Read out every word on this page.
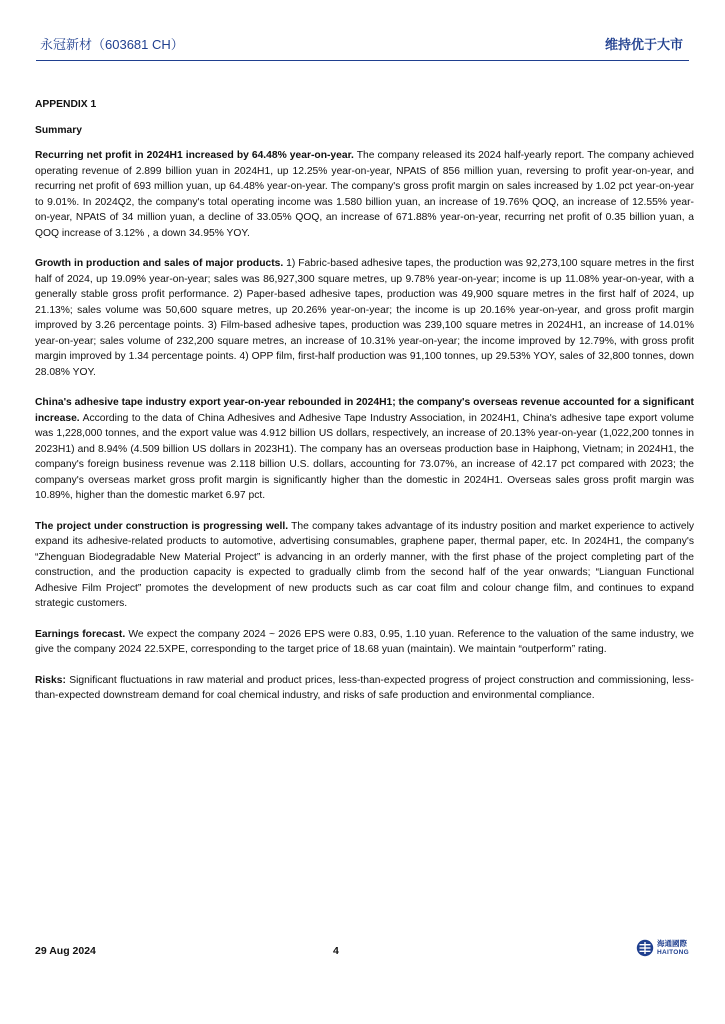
永冠新材（603681 CH）	维持优于大市
APPENDIX 1
Summary

Recurring net profit in 2024H1 increased by 64.48% year-on-year. The company released its 2024 half-yearly report. The company achieved operating revenue of 2.899 billion yuan in 2024H1, up 12.25% year-on-year, NPAtS of 856 million yuan, reversing to profit year-on-year, and recurring net profit of 693 million yuan, up 64.48% year-on-year. The company's gross profit margin on sales increased by 1.02 pct year-on-year to 9.01%. In 2024Q2, the company's total operating income was 1.580 billion yuan, an increase of 19.76% QOQ, an increase of 12.55% year-on-year, NPAtS of 34 million yuan, a decline of 33.05% QOQ, an increase of 671.88% year-on-year, recurring net profit of 0.35 billion yuan, a QOQ increase of 3.12% , a down 34.95% YOY.

Growth in production and sales of major products. 1) Fabric-based adhesive tapes, the production was 92,273,100 square metres in the first half of 2024, up 19.09% year-on-year; sales was 86,927,300 square metres, up 9.78% year-on-year; income is up 11.08% year-on-year, with a generally stable gross profit performance. 2) Paper-based adhesive tapes, production was 49,900 square metres in the first half of 2024, up 21.13%; sales volume was 50,600 square metres, up 20.26% year-on-year; the income is up 20.16% year-on-year, and gross profit margin improved by 3.26 percentage points. 3) Film-based adhesive tapes, production was 239,100 square metres in 2024H1, an increase of 14.01% year-on-year; sales volume of 232,200 square metres, an increase of 10.31% year-on-year; the income improved by 12.79%, with gross profit margin improved by 1.34 percentage points. 4) OPP film, first-half production was 91,100 tonnes, up 29.53% YOY, sales of 32,800 tonnes, down 28.08% YOY.

China's adhesive tape industry export year-on-year rebounded in 2024H1; the company's overseas revenue accounted for a significant increase. According to the data of China Adhesives and Adhesive Tape Industry Association, in 2024H1, China's adhesive tape export volume was 1,228,000 tonnes, and the export value was 4.912 billion US dollars, respectively, an increase of 20.13% year-on-year (1,022,200 tonnes in 2023H1) and 8.94% (4.509 billion US dollars in 2023H1). The company has an overseas production base in Haiphong, Vietnam; in 2024H1, the company's foreign business revenue was 2.118 billion U.S. dollars, accounting for 73.07%, an increase of 42.17 pct compared with 2023; the company's overseas market gross profit margin is significantly higher than the domestic in 2024H1. Overseas sales gross profit margin was 10.89%, higher than the domestic market 6.97 pct.

The project under construction is progressing well. The company takes advantage of its industry position and market experience to actively expand its adhesive-related products to automotive, advertising consumables, graphene paper, thermal paper, etc. In 2024H1, the company's “Zhenguan Biodegradable New Material Project” is advancing in an orderly manner, with the first phase of the project completing part of the construction, and the production capacity is expected to gradually climb from the second half of the year onwards; “Lianguan Functional Adhesive Film Project” promotes the development of new products such as car coat film and colour change film, and continues to expand strategic customers.

Earnings forecast. We expect the company 2024 ~ 2026 EPS were 0.83, 0.95, 1.10 yuan. Reference to the valuation of the same industry, we give the company 2024 22.5XPE, corresponding to the target price of 18.68 yuan (maintain). We maintain “outperform” rating.

Risks: Significant fluctuations in raw material and product prices, less-than-expected progress of project construction and commissioning, less-than-expected downstream demand for coal chemical industry, and risks of safe production and environmental compliance.

29 Aug 2024	4
海通國際
HAITONG
